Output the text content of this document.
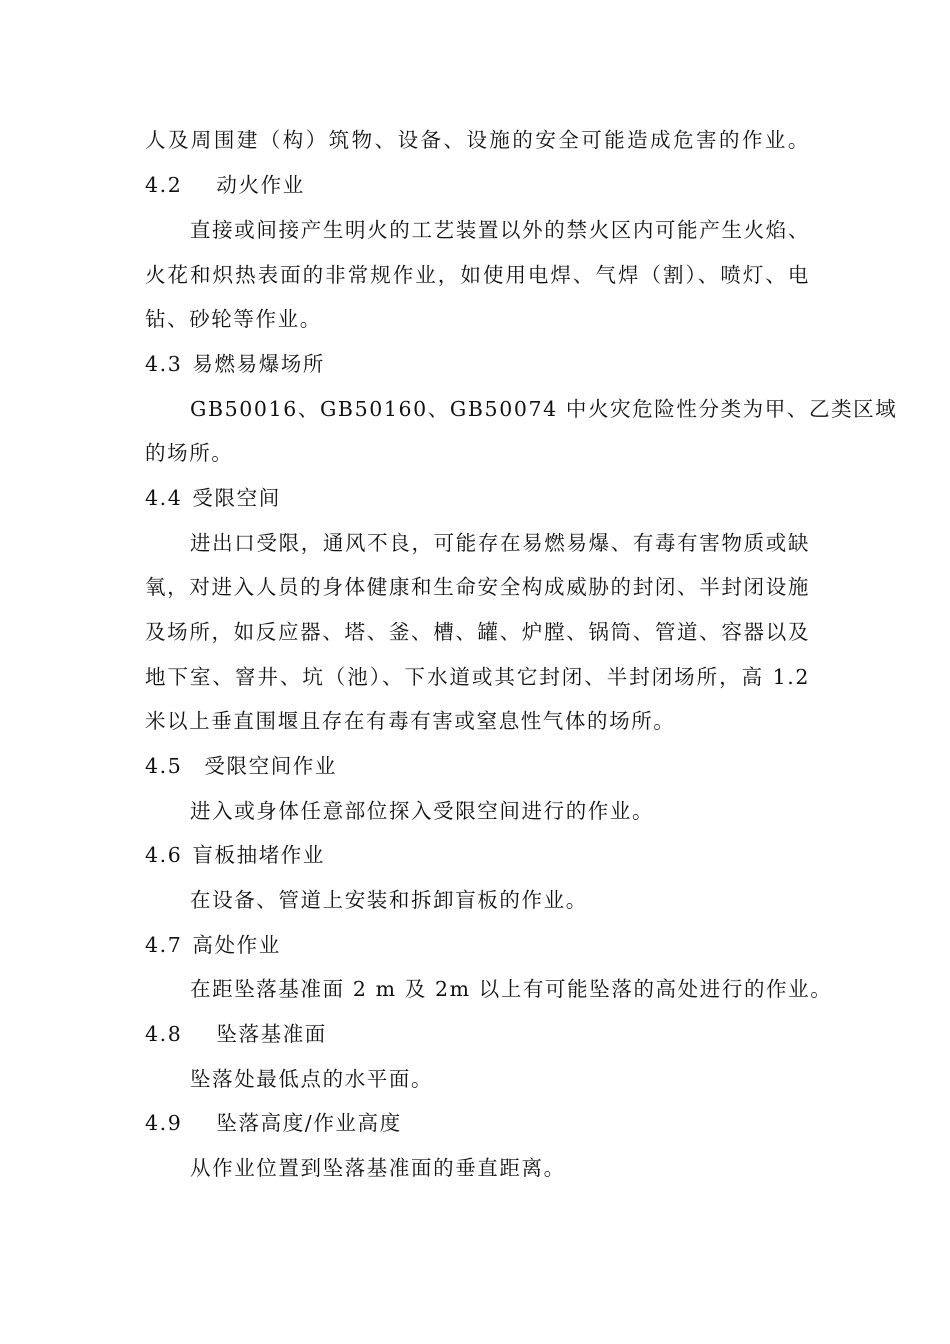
人及周围建（构）筑物、设备、设施的安全可能造成危害的作业。
4.2 动火作业
直接或间接产生明火的工艺装置以外的禁火区内可能产生火焰、
火花和炽热表面的非常规作业，如使用电焊、气焊（割）、喷灯、电
钻、砂轮等作业。
4.3 易燃易爆场所
GB50016、GB50160、GB50074 中火灾危险性分类为甲、乙类区域
的场所。
4.4 受限空间
进出口受限，通风不良，可能存在易燃易爆、有毒有害物质或缺
氧，对进入人员的身体健康和生命安全构成威胁的封闭、半封闭设施
及场所，如反应器、塔、釜、槽、罐、炉膛、锅筒、管道、容器以及
地下室、窨井、坑（池）、下水道或其它封闭、半封闭场所，高 1.2
米以上垂直围堰且存在有毒有害或窒息性气体的场所。
4.5 受限空间作业
进入或身体任意部位探入受限空间进行的作业。
4.6 盲板抽堵作业
在设备、管道上安装和拆卸盲板的作业。
4.7 高处作业
在距坠落基准面 2 m 及 2m 以上有可能坠落的高处进行的作业。
4.8 坠落基准面
坠落处最低点的水平面。
4.9 坠落高度/作业高度
从作业位置到坠落基准面的垂直距离。
